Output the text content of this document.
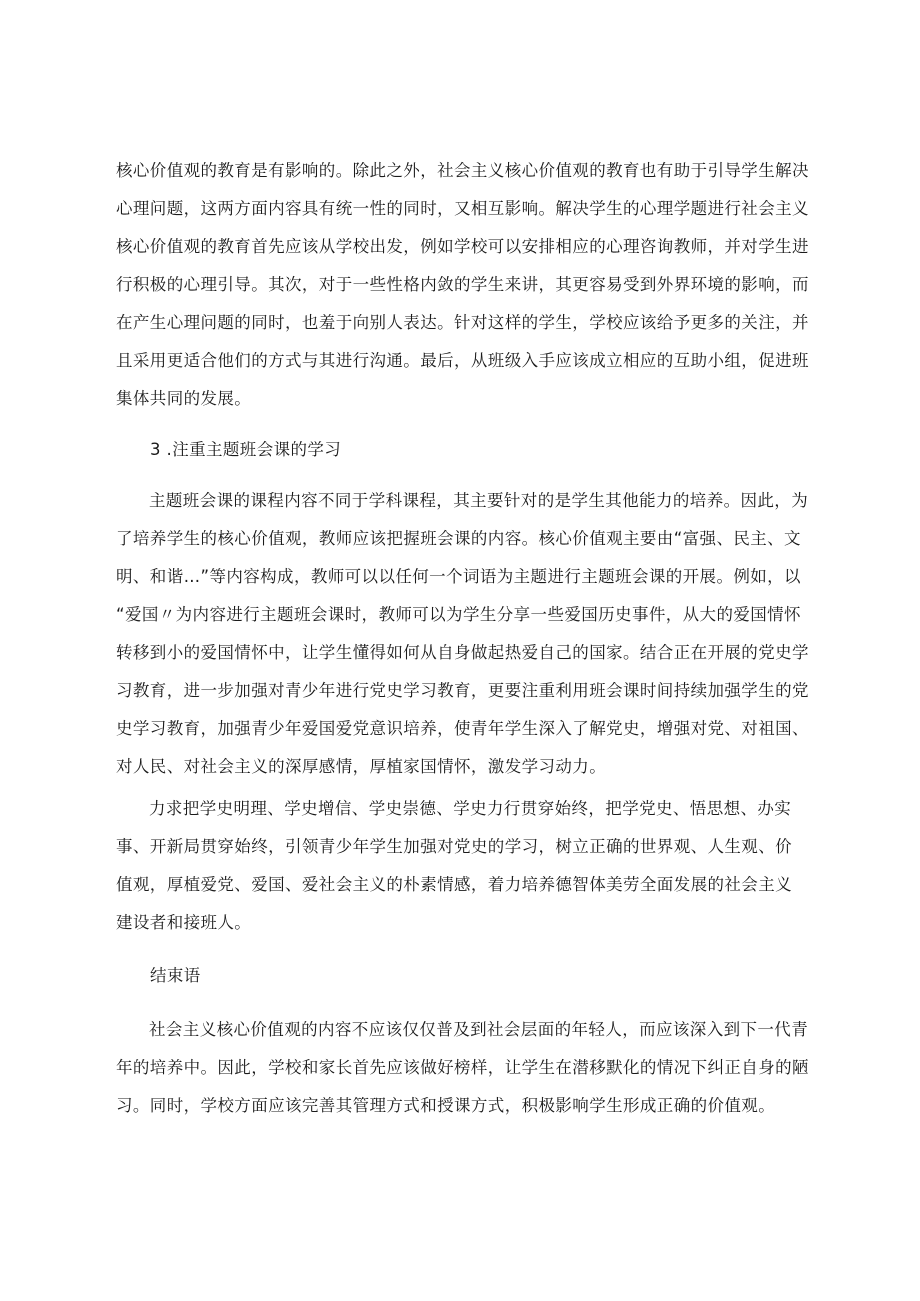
核心价值观的教育是有影响的。除此之外，社会主义核心价值观的教育也有助于引导学生解决
心理问题，这两方面内容具有统一性的同时，又相互影响。解决学生的心理学题进行社会主义
核心价值观的教育首先应该从学校出发，例如学校可以安排相应的心理咨询教师，并对学生进
行积极的心理引导。其次，对于一些性格内敛的学生来讲，其更容易受到外界环境的影响，而
在产生心理问题的同时，也羞于向别人表达。针对这样的学生，学校应该给予更多的关注，并
且采用更适合他们的方式与其进行沟通。最后，从班级入手应该成立相应的互助小组，促进班
集体共同的发展。
3 .注重主题班会课的学习
主题班会课的课程内容不同于学科课程，其主要针对的是学生其他能力的培养。因此，为
了培养学生的核心价值观，教师应该把握班会课的内容。核心价值观主要由“富强、民主、文
明、和谐…”等内容构成，教师可以以任何一个词语为主题进行主题班会课的开展。例如，以
“爱国〃为内容进行主题班会课时，教师可以为学生分享一些爱国历史事件，从大的爱国情怀
转移到小的爱国情怀中，让学生懂得如何从自身做起热爱自己的国家。结合正在开展的党史学
习教育，进一步加强对青少年进行党史学习教育，更要注重利用班会课时间持续加强学生的党
史学习教育，加强青少年爱国爱党意识培养，使青年学生深入了解党史，增强对党、对祖国、
对人民、对社会主义的深厚感情，厚植家国情怀，激发学习动力。
力求把学史明理、学史增信、学史崇德、学史力行贯穿始终，把学党史、悟思想、办实
事、开新局贯穿始终，引领青少年学生加强对党史的学习，树立正确的世界观、人生观、价
值观，厚植爱党、爱国、爱社会主义的朴素情感，着力培养德智体美劳全面发展的社会主义
建设者和接班人。
结束语
社会主义核心价值观的内容不应该仅仅普及到社会层面的年轻人，而应该深入到下一代青
年的培养中。因此，学校和家长首先应该做好榜样，让学生在潜移默化的情况下纠正自身的陋
习。同时，学校方面应该完善其管理方式和授课方式，积极影响学生形成正确的价值观。
